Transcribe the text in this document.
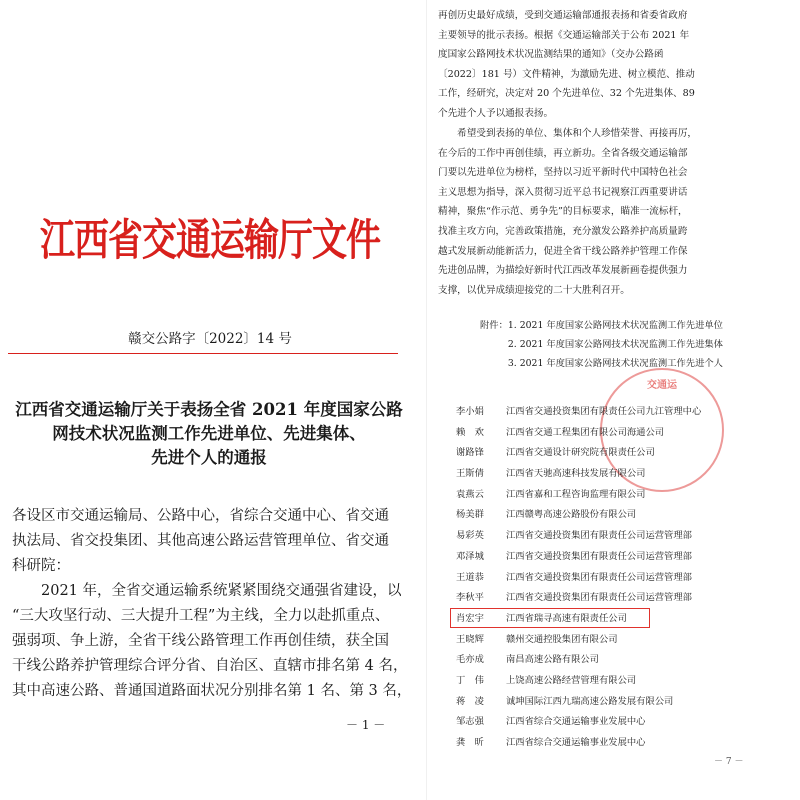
江西省交通运输厅文件
赣交公路字〔2022〕14 号
江西省交通运输厅关于表扬全省 2021 年度国家公路
网技术状况监测工作先进单位、先进集体、
先进个人的通报

各设区市交通运输局、公路中心，省综合交通中心、省交通

执法局、省交投集团、其他高速公路运营管理单位、省交通

科研院：

　　2021 年，全省交通运输系统紧紧围绕交通强省建设，以

“三大攻坚行动、三大提升工程”为主线，全力以赴抓重点、

强弱项、争上游，全省干线公路管理工作再创佳绩，获全国

干线公路养护管理综合评分省、自治区、直辖市排名第 4 名，

其中高速公路、普通国道路面状况分别排名第 1 名、第 3 名，

－ 1 －

再创历史最好成绩，受到交通运输部通报表扬和省委省政府

主要领导的批示表扬。根据《交通运输部关于公布 2021 年

度国家公路网技术状况监测结果的通知》（交办公路函

〔2022〕181 号）文件精神，为激励先进、树立模范、推动

工作，经研究，决定对 20 个先进单位、32 个先进集体、89

个先进个人予以通报表扬。

　　希望受到表扬的单位、集体和个人珍惜荣誉、再接再厉，

在今后的工作中再创佳绩，再立新功。全省各级交通运输部

门要以先进单位为榜样，坚持以习近平新时代中国特色社会

主义思想为指导，深入贯彻习近平总书记视察江西重要讲话

精神，聚焦“作示范、勇争先”的目标要求，瞄准一流标杆，

找准主攻方向，完善政策措施，充分激发公路养护高质量跨

越式发展新动能新活力，促进全省干线公路养护管理工作保

先进创品牌，为描绘好新时代江西改革发展新画卷提供强力

支撑，以优异成绩迎接党的二十大胜利召开。

附件：1. 2021 年度国家公路网技术状况监测工作先进单位
　　　2. 2021 年度国家公路网技术状况监测工作先进集体
　　　3. 2021 年度国家公路网技术状况监测工作先进个人
交通运
李小娟 江西省交通投资集团有限责任公司九江管理中心
赖　欢 江西省交通工程集团有限公司海通公司
谢路锋 江西省交通设计研究院有限责任公司
王斯倩 江西省天驰高速科技发展有限公司
袁燕云 江西省嘉和工程咨询监理有限公司
杨美群 江西赣粤高速公路股份有限公司
易彩英 江西省交通投资集团有限责任公司运营管理部
邓泽城 江西省交通投资集团有限责任公司运营管理部
王道恭 江西省交通投资集团有限责任公司运营管理部
李秋平 江西省交通投资集团有限责任公司运营管理部
肖宏宇 江西省瑞寻高速有限责任公司
王晓辉 赣州交通控股集团有限公司
毛亦成 南昌高速公路有限公司
丁　伟 上饶高速公路经营管理有限公司
蒋　凌 诚坤国际江西九瑞高速公路发展有限公司
邹志强 江西省综合交通运输事业发展中心
龚　昕 江西省综合交通运输事业发展中心
－ 7 －
